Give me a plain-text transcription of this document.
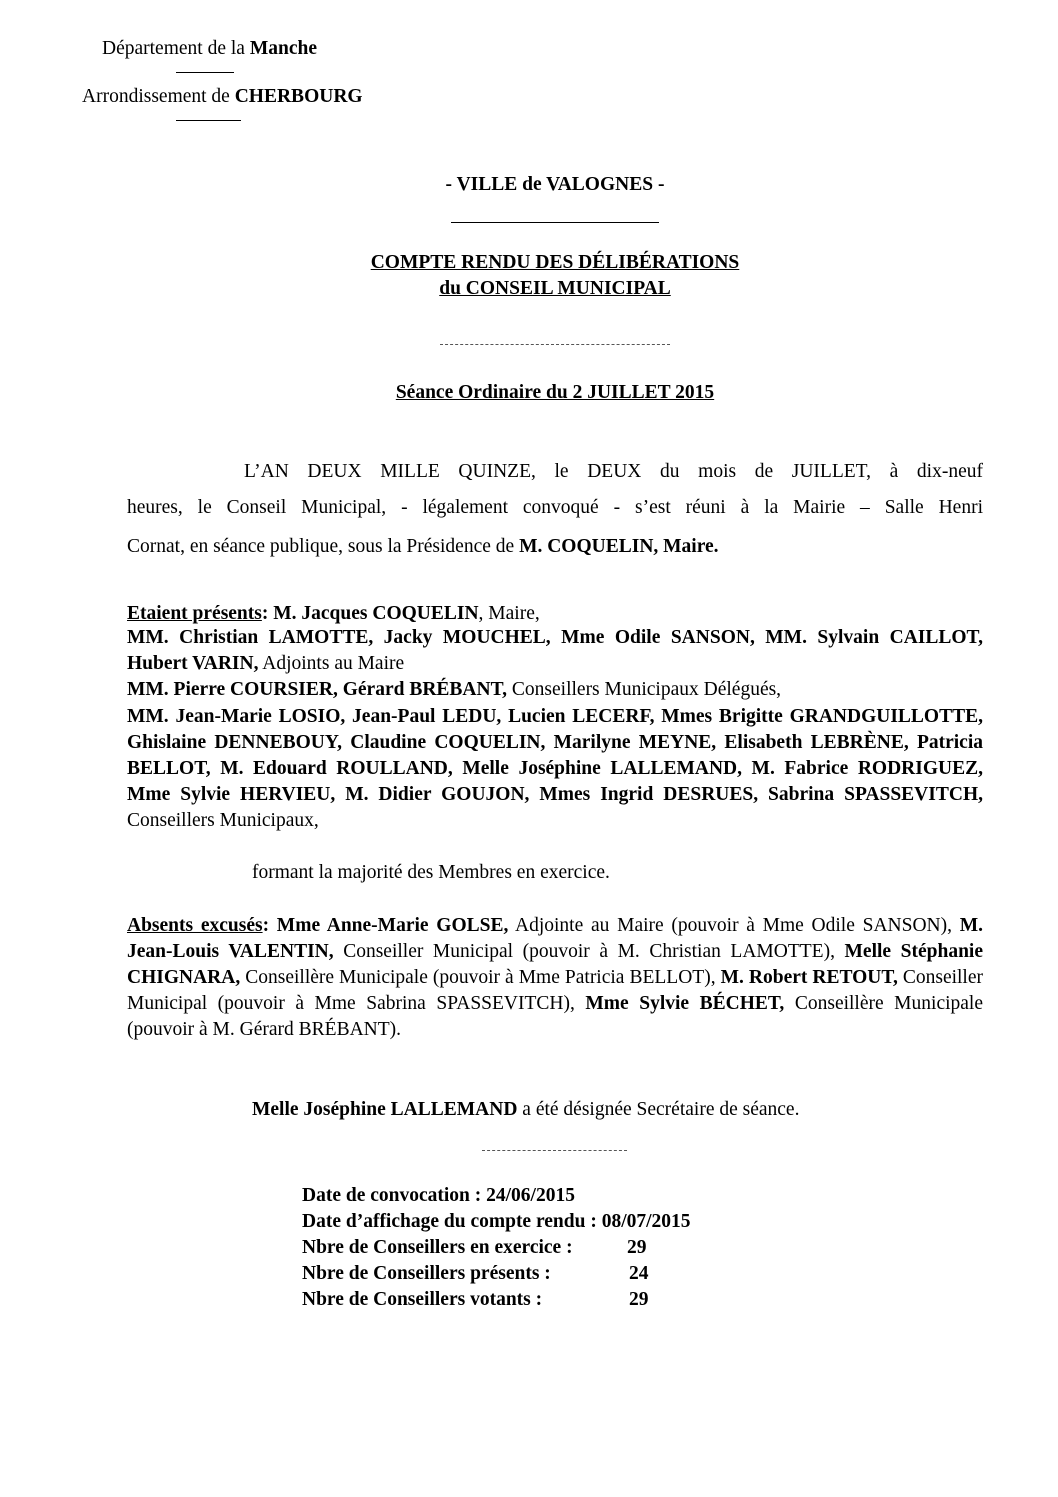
Département de la Manche
Arrondissement de CHERBOURG
- VILLE de VALOGNES -
COMPTE RENDU DES DÉLIBÉRATIONS
du CONSEIL MUNICIPAL
Séance Ordinaire du 2 JUILLET 2015
L’AN DEUX MILLE QUINZE, le DEUX du mois de JUILLET, à dix-neuf
heures, le Conseil Municipal, - légalement convoqué - s’est réuni à la Mairie – Salle Henri
Cornat, en séance publique, sous la Présidence de M. COQUELIN, Maire.
Etaient présents: M. Jacques COQUELIN, Maire,

MM. Christian LAMOTTE, Jacky MOUCHEL, Mme Odile SANSON, MM. Sylvain CAILLOT, Hubert VARIN, Adjoints au Maire

MM. Pierre COURSIER, Gérard BRÉBANT, Conseillers Municipaux Délégués,

MM. Jean-Marie LOSIO, Jean-Paul LEDU, Lucien LECERF, Mmes Brigitte GRANDGUILLOTTE, Ghislaine DENNEBOUY, Claudine COQUELIN, Marilyne MEYNE, Elisabeth LEBRÈNE, Patricia BELLOT, M. Edouard ROULLAND, Melle Joséphine LALLEMAND, M. Fabrice RODRIGUEZ, Mme Sylvie HERVIEU, M. Didier GOUJON, Mmes Ingrid DESRUES, Sabrina SPASSEVITCH, Conseillers Municipaux,

formant la majorité des Membres en exercice.

Absents excusés: Mme Anne-Marie GOLSE, Adjointe au Maire (pouvoir à Mme Odile SANSON), M. Jean-Louis VALENTIN, Conseiller Municipal (pouvoir à M. Christian LAMOTTE), Melle Stéphanie CHIGNARA, Conseillère Municipale (pouvoir à Mme Patricia BELLOT), M. Robert RETOUT, Conseiller Municipal (pouvoir à Mme Sabrina SPASSEVITCH), Mme Sylvie BÉCHET, Conseillère Municipale (pouvoir à M. Gérard BRÉBANT).

Melle Joséphine LALLEMAND a été désignée Secrétaire de séance.
Date de convocation : 24/06/2015
Date d’affichage du compte rendu : 08/07/2015
Nbre de Conseillers en exercice :	29
Nbre de Conseillers présents :	24
Nbre de Conseillers votants :	29
